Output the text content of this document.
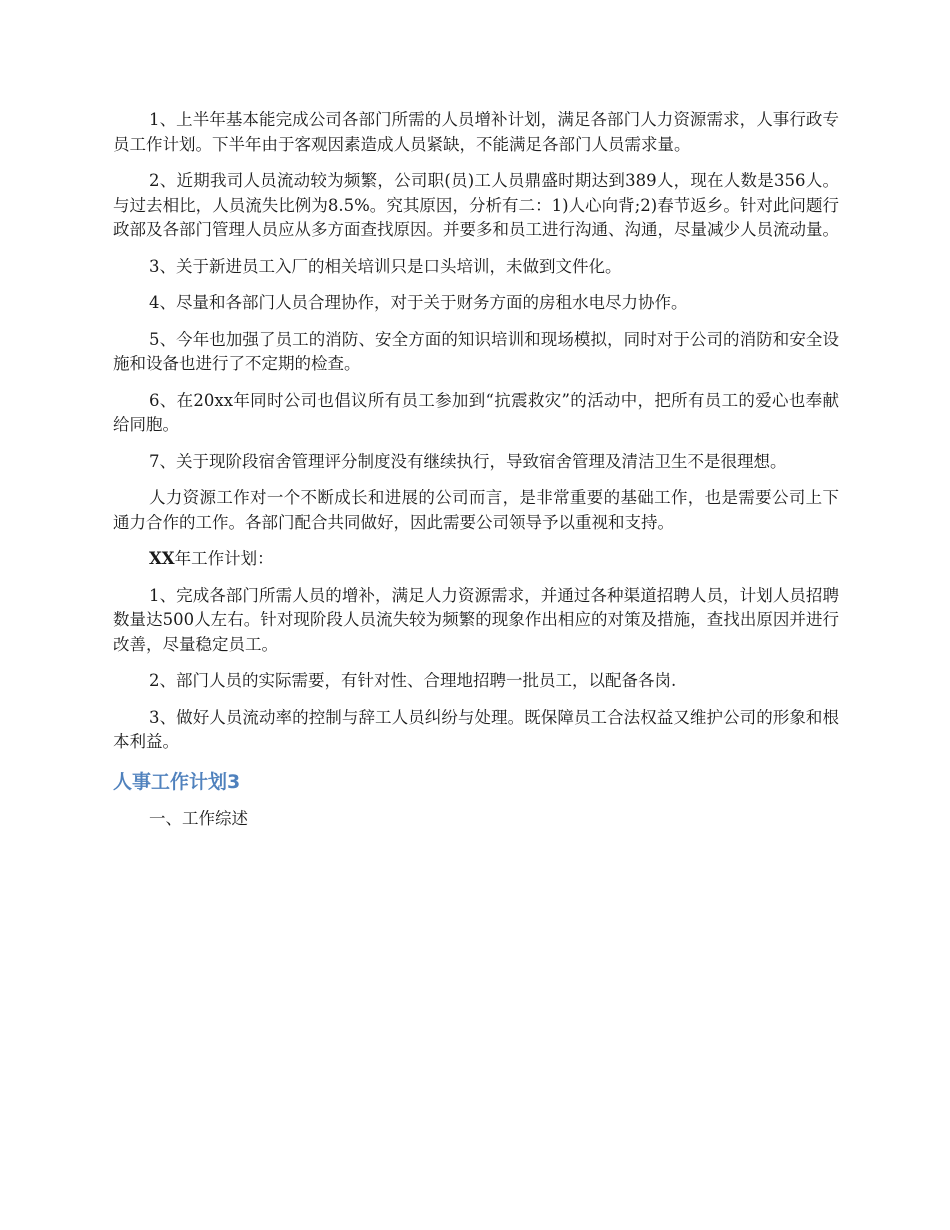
1、上半年基本能完成公司各部门所需的人员增补计划，满足各部门人力资源需求，人事行政专员工作计划。下半年由于客观因素造成人员紧缺，不能满足各部门人员需求量。

2、近期我司人员流动较为频繁，公司职(员)工人员鼎盛时期达到389人，现在人数是356人。与过去相比，人员流失比例为8.5%。究其原因，分析有二：1)人心向背;2)春节返乡。针对此问题行政部及各部门管理人员应从多方面查找原因。并要多和员工进行沟通、沟通，尽量减少人员流动量。

3、关于新进员工入厂的相关培训只是口头培训，未做到文件化。

4、尽量和各部门人员合理协作，对于关于财务方面的房租水电尽力协作。

5、今年也加强了员工的消防、安全方面的知识培训和现场模拟，同时对于公司的消防和安全设施和设备也进行了不定期的检查。

6、在20xx年同时公司也倡议所有员工参加到“抗震救灾”的活动中，把所有员工的爱心也奉献给同胞。

7、关于现阶段宿舍管理评分制度没有继续执行，导致宿舍管理及清洁卫生不是很理想。

人力资源工作对一个不断成长和进展的公司而言，是非常重要的基础工作，也是需要公司上下通力合作的工作。各部门配合共同做好，因此需要公司领导予以重视和支持。

XX年工作计划：

1、完成各部门所需人员的增补，满足人力资源需求，并通过各种渠道招聘人员，计划人员招聘数量达500人左右。针对现阶段人员流失较为频繁的现象作出相应的对策及措施，查找出原因并进行改善，尽量稳定员工。

2、部门人员的实际需要，有针对性、合理地招聘一批员工，以配备各岗.

3、做好人员流动率的控制与辞工人员纠纷与处理。既保障员工合法权益又维护公司的形象和根本利益。

人事工作计划3

一、工作综述
